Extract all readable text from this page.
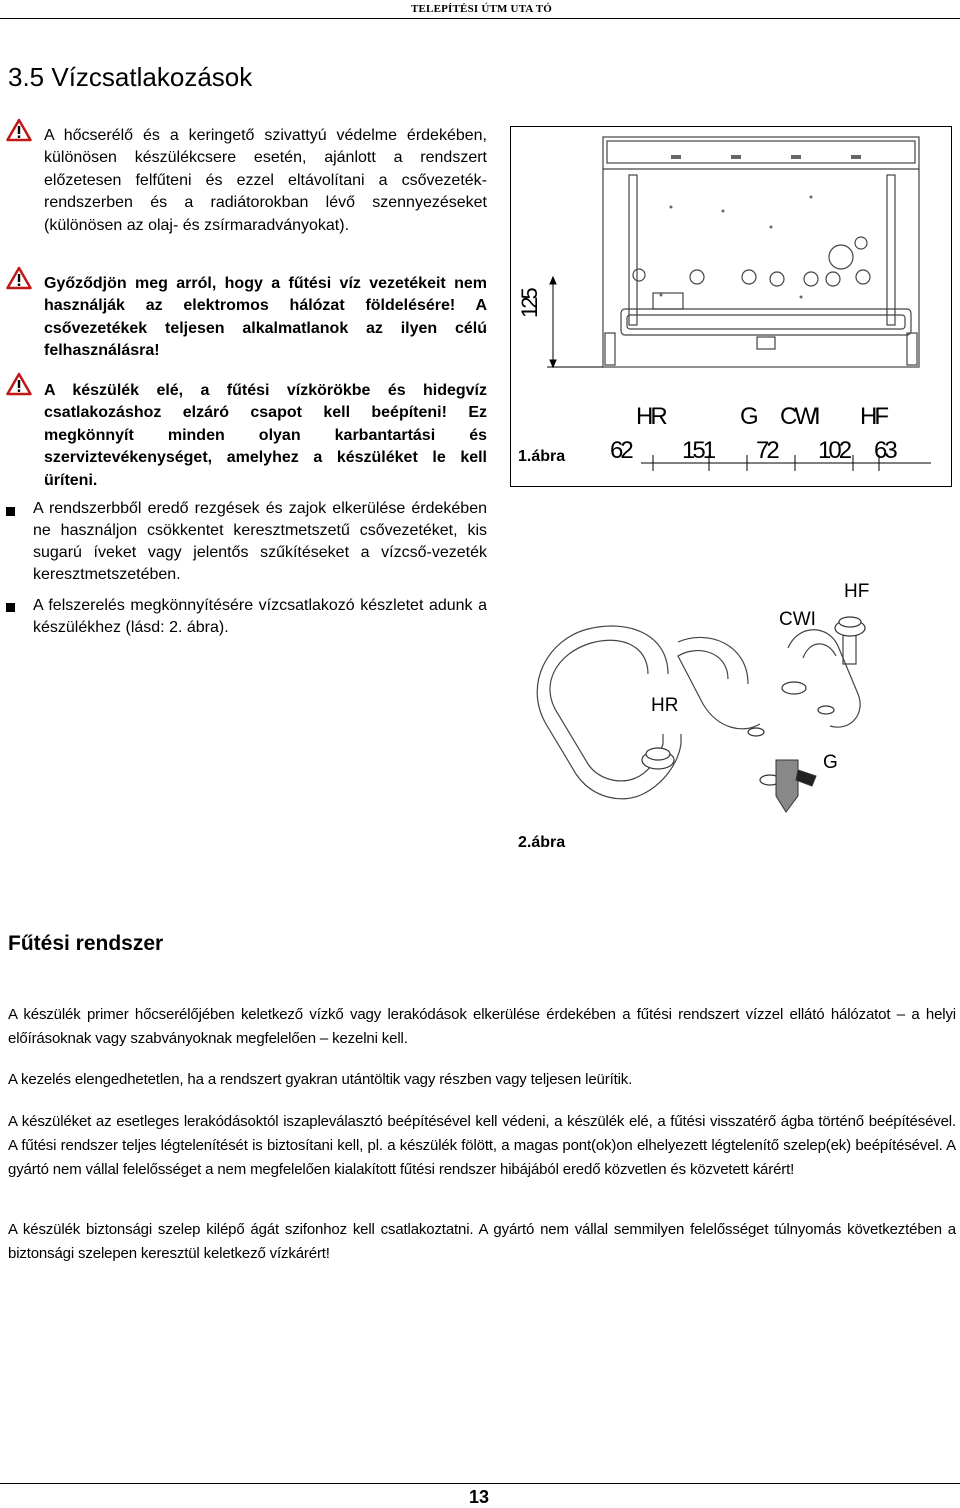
TELEPÍTÉSI ÚTM UTA TÓ
3.5 Vízcsatlakozások
A hőcserélő és a keringető szivattyú védelme érdekében, különösen készülékcsere esetén, ajánlott a rendszert előzetesen felfűteni és ezzel eltávolítani a csővezeték-rendszerben és a radiátorokban lévő szennyezéseket (különösen az olaj- és zsírmaradványokat).
Győződjön meg arról, hogy a fűtési víz vezetékeit nem használják az elektromos hálózat földelésére! A csővezetékek teljesen alkalmatlanok az ilyen célú felhasználásra!
A készülék elé, a fűtési vízkörökbe és hidegvíz csatlakozáshoz elzáró csapot kell beépíteni! Ez megkönnyít minden olyan karbantartási és szerviztevékenységet, amelyhez a készüléket le kell üríteni.
A rendszerbből eredő rezgések és zajok elkerülése érdekében ne használjon csökkentet keresztmetszetű csővezetéket, kis sugarú íveket vagy jelentős szűkítéseket a vízcső-vezeték keresztmetszetében.
A felszerelés megkönnyítésére vízcsatlakozó készletet adunk a készülékhez (lásd: 2. ábra).
125
HR	G CWI HF
62 151 72 102 63
1.ábra
HF
CWI
HR
G
2.ábra
Fűtési rendszer
A készülék primer hőcserélőjében keletkező vízkő vagy lerakódások elkerülése érdekében a fűtési rendszert vízzel ellátó hálózatot – a helyi előírásoknak vagy szabványoknak megfelelően – kezelni kell.
A kezelés elengedhetetlen, ha a rendszert gyakran utántöltik vagy részben vagy teljesen leürítik.
A készüléket az esetleges lerakódásoktól iszapleválasztó beépítésével kell védeni, a készülék elé, a fűtési visszatérő ágba történő beépítésével. A fűtési rendszer teljes légtelenítését is biztosítani kell, pl. a készülék fölött, a magas pont(ok)on elhelyezett légtelenítő szelep(ek) beépítésével. A gyártó nem vállal felelősséget a nem megfelelően kialakított fűtési rendszer hibájából eredő közvetlen és közvetett kárért!
A készülék biztonsági szelep kilépő ágát szifonhoz kell csatlakoztatni. A gyártó nem vállal semmilyen felelősséget túlnyomás következtében a biztonsági szelepen keresztül keletkező vízkárért!
13
